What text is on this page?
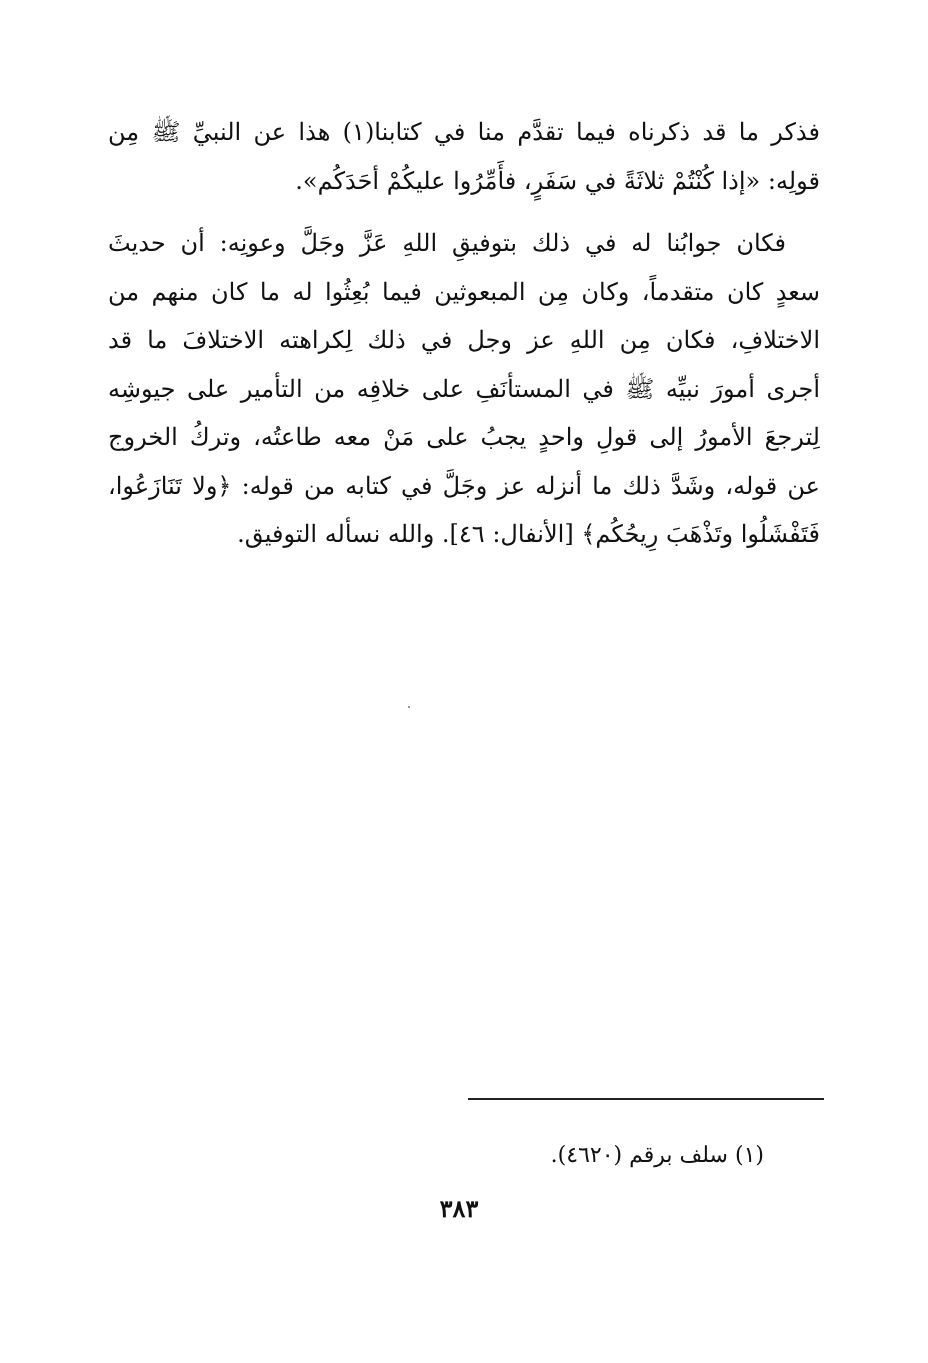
فذكر ما قد ذكرناه فيما تقدَّم منا في كتابنا(١) هذا عن النبيِّ ﷺ مِن
قولِه: «إذا كُنْتُمْ ثلاثَةً في سَفَرٍ، فأَمِّرُوا عليكُمْ أحَدَكُم».
فكان جوابُنا له في ذلك بتوفيقِ اللهِ عَزَّ وجَلَّ وعونِه: أن حديثَ
سعدٍ كان متقدماً، وكان مِن المبعوثين فيما بُعِثُوا له ما كان منهم من
الاختلافِ، فكان مِن اللهِ عز وجل في ذلك لِكراهته الاختلافَ ما قد
أجرى أمورَ نبيِّه ﷺ في المستأنَفِ على خلافِه من التأمير على جيوشِه
لِترجعَ الأمورُ إلى قولِ واحدٍ يجبُ على مَنْ معه طاعتُه، وتركُ الخروج
عن قوله، وشَدَّ ذلك ما أنزله عز وجَلَّ في كتابه من قوله: ﴿ولا تَنَازَعُوا،
فَتَفْشَلُوا وتَذْهَبَ رِيحُكُم﴾ [الأنفال: ٤٦]. والله نسأله التوفيق.
(١) سلف برقم (٤٦٢٠).
٣٨٣
